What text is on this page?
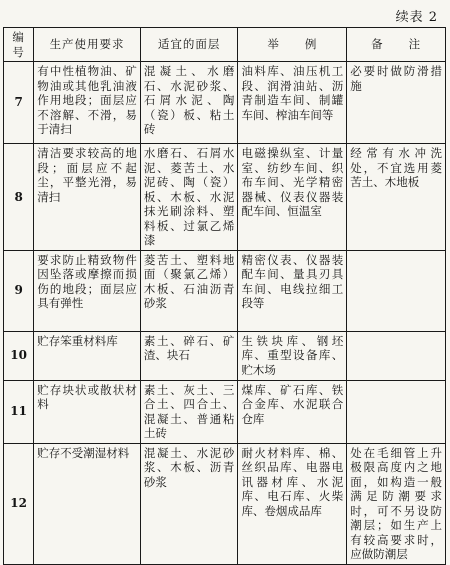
续表 2
编号	生产使用要求	适宜的面层	举　　例	备　　注
7	有中性植物油、矿物油或其他乳油液作用地段；面层应不溶解、不滑，易于清扫	混凝土、水磨石、水泥砂浆、石屑水泥、陶（瓷）板、粘土砖	油料库、油压机工段、润滑油站、沥青制造车间、制罐车间、榨油车间等	必要时做防滑措施
8	清洁要求较高的地段；面层应不起尘，平整光滑，易清扫	水磨石、石屑水泥、菱苦土、水泥砖、陶（瓷）板、木板、水泥抹光刷涂料、塑料板、过氯乙烯漆	电磁操纵室、计量室、纺纱车间、织布车间、光学精密器械、仪表仪器装配车间、恒温室	经常有水冲洗处，不宜选用菱苦土、木地板
9	要求防止精致物件因坠落或摩擦而损伤的地段；面层应具有弹性	菱苦土、塑料地面（聚氯乙烯）木板、石油沥青砂浆	精密仪表、仪器装配车间、量具刃具车间、电线拉细工段等	
10	贮存笨重材料库	素土、碎石、矿渣、块石	生铁块库、钢坯库、重型设备库、贮木场	
11	贮存块状或散状材料	素土、灰土、三合土、四合土、混凝土、普通粘土砖	煤库、矿石库、铁合金库、水泥联合仓库	
12	贮存不受潮湿材料	混凝土、水泥砂浆、木板、沥青砂浆	耐火材料库、棉、丝织品库、电器电讯器材库、水泥库、电石库、火柴库、卷烟成品库	处在毛细管上升极限高度内之地面，如构造一般满足防潮要求时，可不另设防潮层；如生产上有较高要求时，应做防潮层
